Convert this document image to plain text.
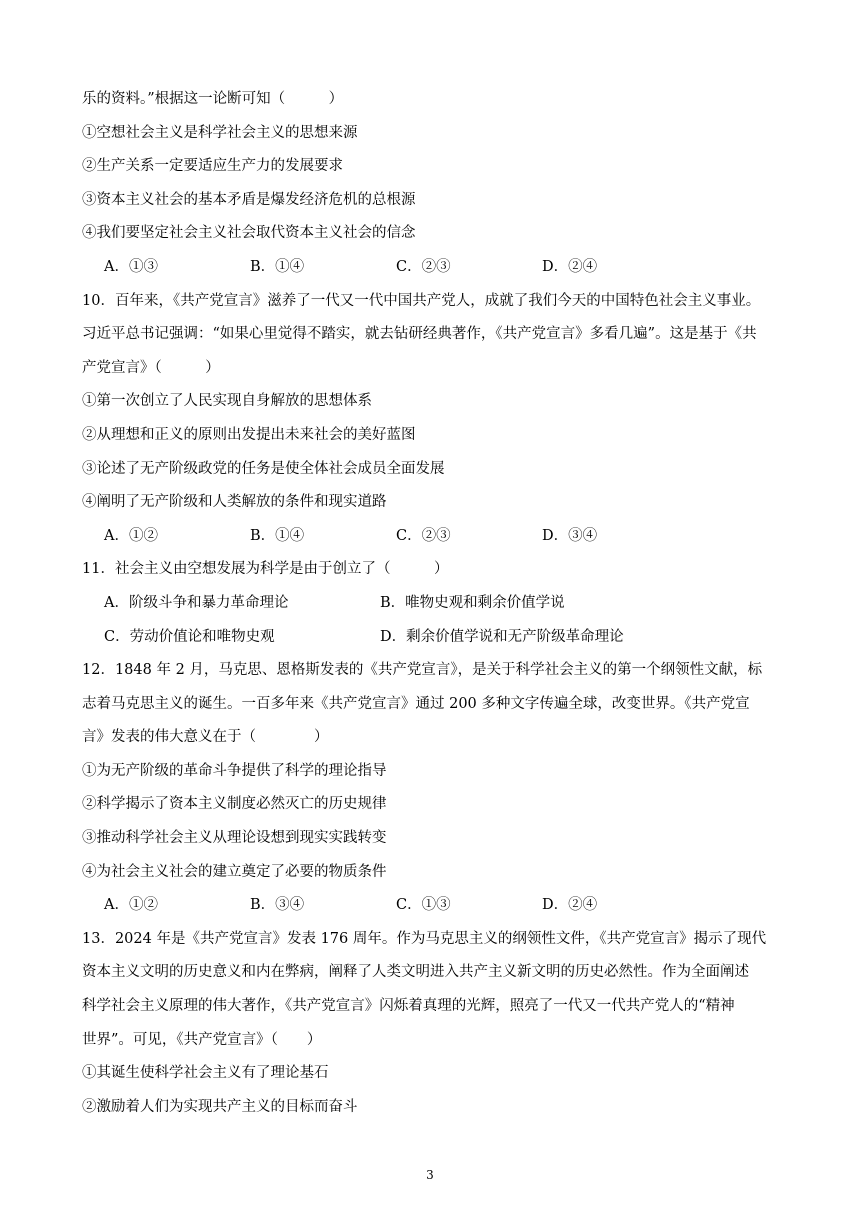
乐的资料。”根据这一论断可知（　　　）
①空想社会主义是科学社会主义的思想来源
②生产关系一定要适应生产力的发展要求
③资本主义社会的基本矛盾是爆发经济危机的总根源
④我们要坚定社会主义社会取代资本主义社会的信念
A．①③	B．①④	C．②③	D．②④
10．百年来，《共产党宣言》滋养了一代又一代中国共产党人，成就了我们今天的中国特色社会主义事业。
习近平总书记强调：“如果心里觉得不踏实，就去钻研经典著作，《共产党宣言》多看几遍”。这是基于《共
产党宣言》（　　　）
①第一次创立了人民实现自身解放的思想体系
②从理想和正义的原则出发提出未来社会的美好蓝图
③论述了无产阶级政党的任务是使全体社会成员全面发展
④阐明了无产阶级和人类解放的条件和现实道路
A．①②	B．①④	C．②③	D．③④
11．社会主义由空想发展为科学是由于创立了（　　　）
A．阶级斗争和暴力革命理论	B．唯物史观和剩余价值学说
C．劳动价值论和唯物史观	D．剩余价值学说和无产阶级革命理论
12．1848 年 2 月，马克思、恩格斯发表的《共产党宣言》，是关于科学社会主义的第一个纲领性文献，标
志着马克思主义的诞生。一百多年来《共产党宣言》通过 200 多种文字传遍全球，改变世界。《共产党宣
言》发表的伟大意义在于（　　　　）
①为无产阶级的革命斗争提供了科学的理论指导
②科学揭示了资本主义制度必然灭亡的历史规律
③推动科学社会主义从理论设想到现实实践转变
④为社会主义社会的建立奠定了必要的物质条件
A．①②	B．③④	C．①③	D．②④
13．2024 年是《共产党宣言》发表 176 周年。作为马克思主义的纲领性文件，《共产党宣言》揭示了现代
资本主义文明的历史意义和内在弊病，阐释了人类文明进入共产主义新文明的历史必然性。作为全面阐述
科学社会主义原理的伟大著作，《共产党宣言》闪烁着真理的光辉，照亮了一代又一代共产党人的“精神
世界”。可见，《共产党宣言》（　　）
①其诞生使科学社会主义有了理论基石
②激励着人们为实现共产主义的目标而奋斗
3
